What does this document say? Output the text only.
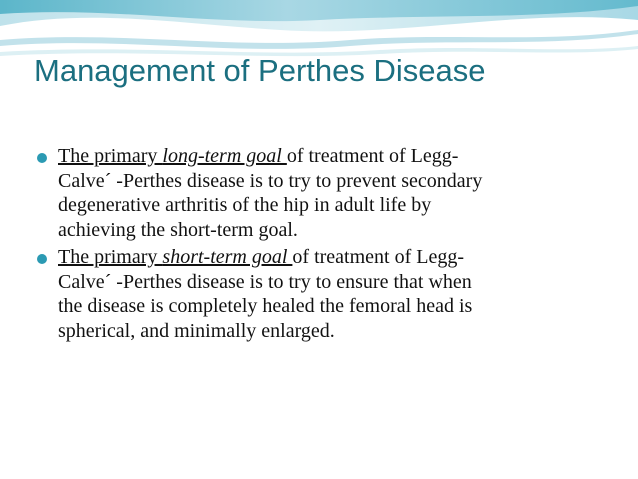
Management of Perthes Disease
The primary long-term goal of treatment of Legg-
Calve´ -Perthes disease is to try to prevent secondary
degenerative arthritis of the hip in adult life by
achieving the short-term goal.
The primary short-term goal of treatment of Legg-
Calve´ -Perthes disease is to try to ensure that when
the disease is completely healed the femoral head is
spherical, and minimally enlarged.
